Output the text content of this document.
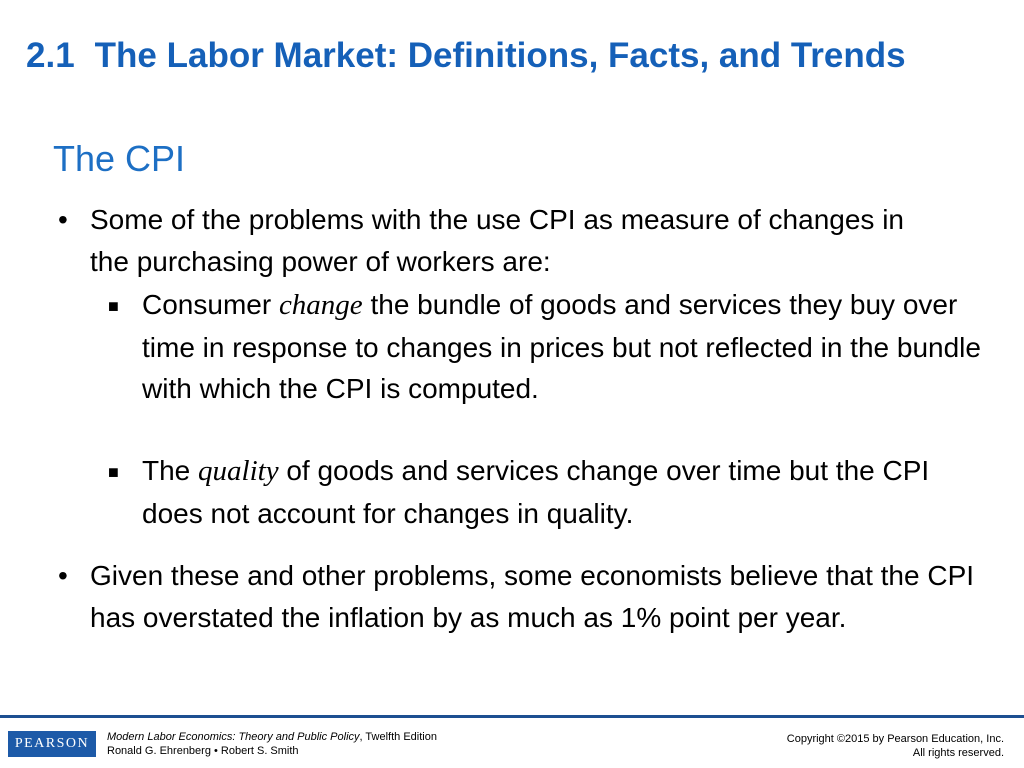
2.1 The Labor Market: Definitions, Facts, and Trends
The CPI
• Some of the problems with the use CPI as measure of changes in the purchasing power of workers are:
■ Consumer change the bundle of goods and services they buy over time in response to changes in prices but not reflected in the bundle with which the CPI is computed.
■ The quality of goods and services change over time but the CPI does not account for changes in quality.
• Given these and other problems, some economists believe that the CPI has overstated the inflation by as much as 1% point per year.
PEARSON	Modern Labor Economics: Theory and Public Policy, Twelfth Edition
Ronald G. Ehrenberg • Robert S. Smith
Copyright ©2015 by Pearson Education, Inc.
All rights reserved.
